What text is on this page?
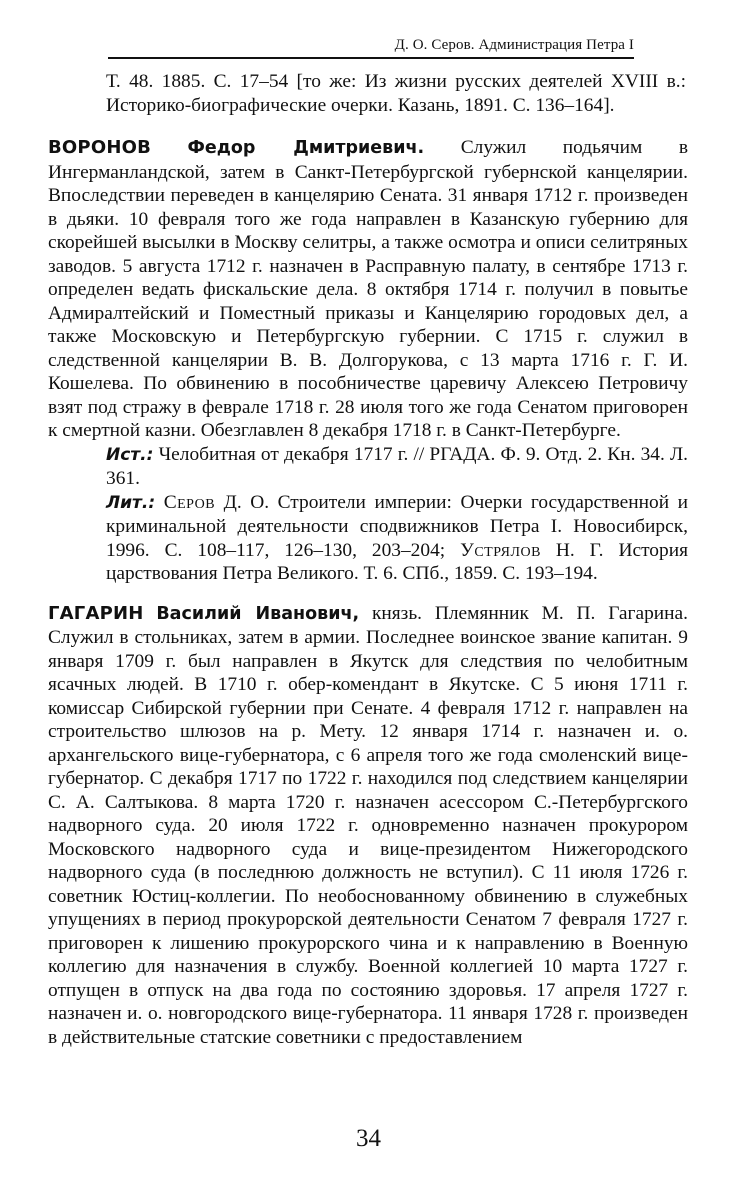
Д. О. Серов. Администрация Петра I

Т. 48. 1885. С. 17–54 [то же: Из жизни русских деятелей XVIII в.: Историко-биографические очерки. Казань, 1891. С. 136–164].

ВОРОНОВ Федор Дмитриевич. Служил подьячим в Ингерманландской, затем в Санкт-Петербургской губернской канцелярии. Впоследствии переведен в канцелярию Сената. 31 января 1712 г. произведен в дьяки. 10 февраля того же года направлен в Казанскую губернию для скорейшей высылки в Москву селитры, а также осмотра и описи селитряных заводов. 5 августа 1712 г. назначен в Расправную палату, в сентябре 1713 г. определен ведать фискальские дела. 8 октября 1714 г. получил в повытье Адмиралтейский и Поместный приказы и Канцелярию городовых дел, а также Московскую и Петербургскую губернии. С 1715 г. служил в следственной канцелярии В. В. Долгорукова, с 13 марта 1716 г. Г. И. Кошелева. По обвинению в пособничестве царевичу Алексею Петровичу взят под стражу в феврале 1718 г. 28 июля того же года Сенатом приговорен к смертной казни. Обезглавлен 8 декабря 1718 г. в Санкт-Петербурге.

Ист.: Челобитная от декабря 1717 г. // РГАДА. Ф. 9. Отд. 2. Кн. 34. Л. 361.

Лит.: Серов Д. О. Строители империи: Очерки государственной и криминальной деятельности сподвижников Петра I. Новосибирск, 1996. С. 108–117, 126–130, 203–204; Устрялов Н. Г. История царствования Петра Великого. Т. 6. СПб., 1859. С. 193–194.

ГАГАРИН Василий Иванович, князь. Племянник М. П. Гагарина. Служил в стольниках, затем в армии. Последнее воинское звание капитан. 9 января 1709 г. был направлен в Якутск для следствия по челобитным ясачных людей. В 1710 г. обер-комендант в Якутске. С 5 июня 1711 г. комиссар Сибирской губернии при Сенате. 4 февраля 1712 г. направлен на строительство шлюзов на р. Мету. 12 января 1714 г. назначен и. о. архангельского вице-губернатора, с 6 апреля того же года смоленский вице-губернатор. С декабря 1717 по 1722 г. находился под следствием канцелярии С. А. Салтыкова. 8 марта 1720 г. назначен асессором С.-Петербургского надворного суда. 20 июля 1722 г. одновременно назначен прокурором Московского надворного суда и вице-президентом Нижегородского надворного суда (в последнюю должность не вступил). С 11 июля 1726 г. советник Юстиц-коллегии. По необоснованному обвинению в служебных упущениях в период прокурорской деятельности Сенатом 7 февраля 1727 г. приговорен к лишению прокурорского чина и к направлению в Военную коллегию для назначения в службу. Военной коллегией 10 марта 1727 г. отпущен в отпуск на два года по состоянию здоровья. 17 апреля 1727 г. назначен и. о. новгородского вице-губернатора. 11 января 1728 г. произведен в действительные статские советники с предоставлением

34
